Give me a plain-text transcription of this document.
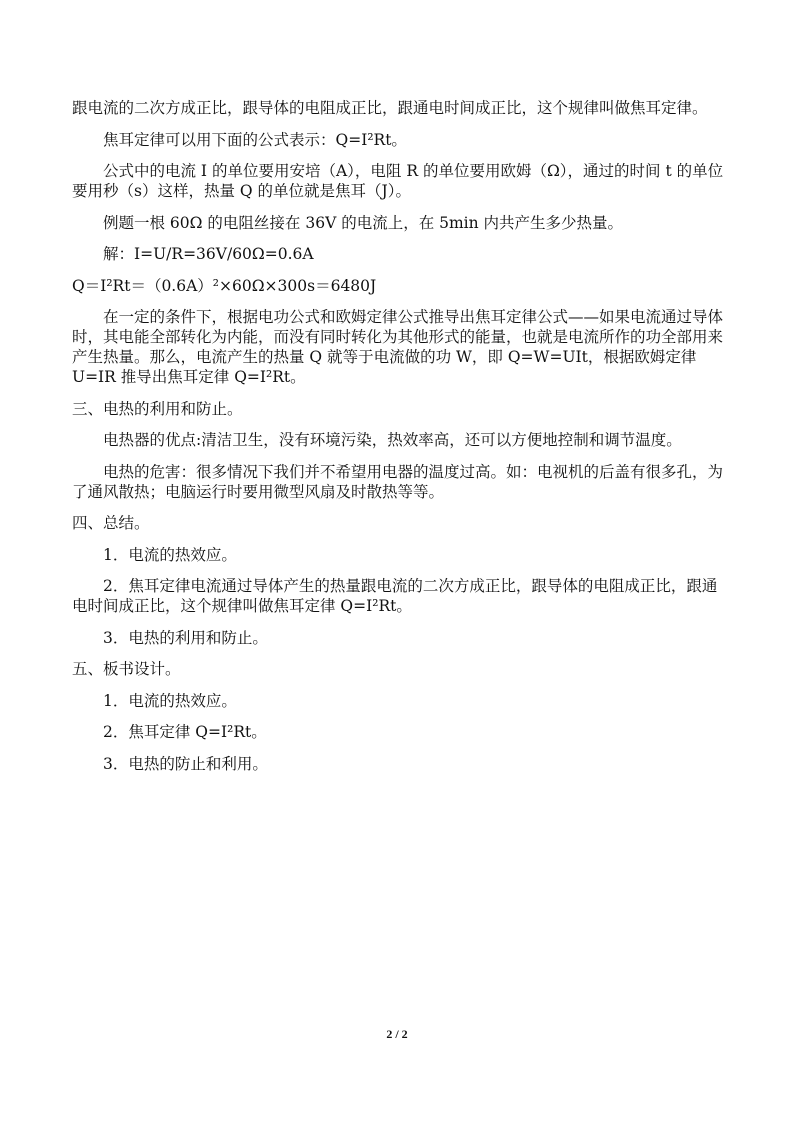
跟电流的二次方成正比，跟导体的电阻成正比，跟通电时间成正比，这个规律叫做焦耳定律。

焦耳定律可以用下面的公式表示：Q=I²Rt。

公式中的电流 I 的单位要用安培（A），电阻 R 的单位要用欧姆（Ω），通过的时间 t 的单位要用秒（s）这样，热量 Q 的单位就是焦耳（J）。

例题一根 60Ω 的电阻丝接在 36V 的电流上，在 5min 内共产生多少热量。

解：I=U/R=36V/60Ω=0.6A

Q＝I²Rt＝（0.6A）²×60Ω×300s＝6480J

在一定的条件下，根据电功公式和欧姆定律公式推导出焦耳定律公式——如果电流通过导体时，其电能全部转化为内能，而没有同时转化为其他形式的能量，也就是电流所作的功全部用来产生热量。那么，电流产生的热量 Q 就等于电流做的功 W，即 Q=W=UIt，根据欧姆定律 U=IR 推导出焦耳定律 Q=I²Rt。

三、电热的利用和防止。

电热器的优点:清洁卫生，没有环境污染，热效率高，还可以方便地控制和调节温度。

电热的危害：很多情况下我们并不希望用电器的温度过高。如：电视机的后盖有很多孔，为了通风散热；电脑运行时要用微型风扇及时散热等等。

四、总结。

1．电流的热效应。

2．焦耳定律电流通过导体产生的热量跟电流的二次方成正比，跟导体的电阻成正比，跟通电时间成正比，这个规律叫做焦耳定律 Q=I²Rt。

3．电热的利用和防止。

五、板书设计。

1．电流的热效应。

2．焦耳定律 Q=I²Rt。

3．电热的防止和利用。

2 / 2
